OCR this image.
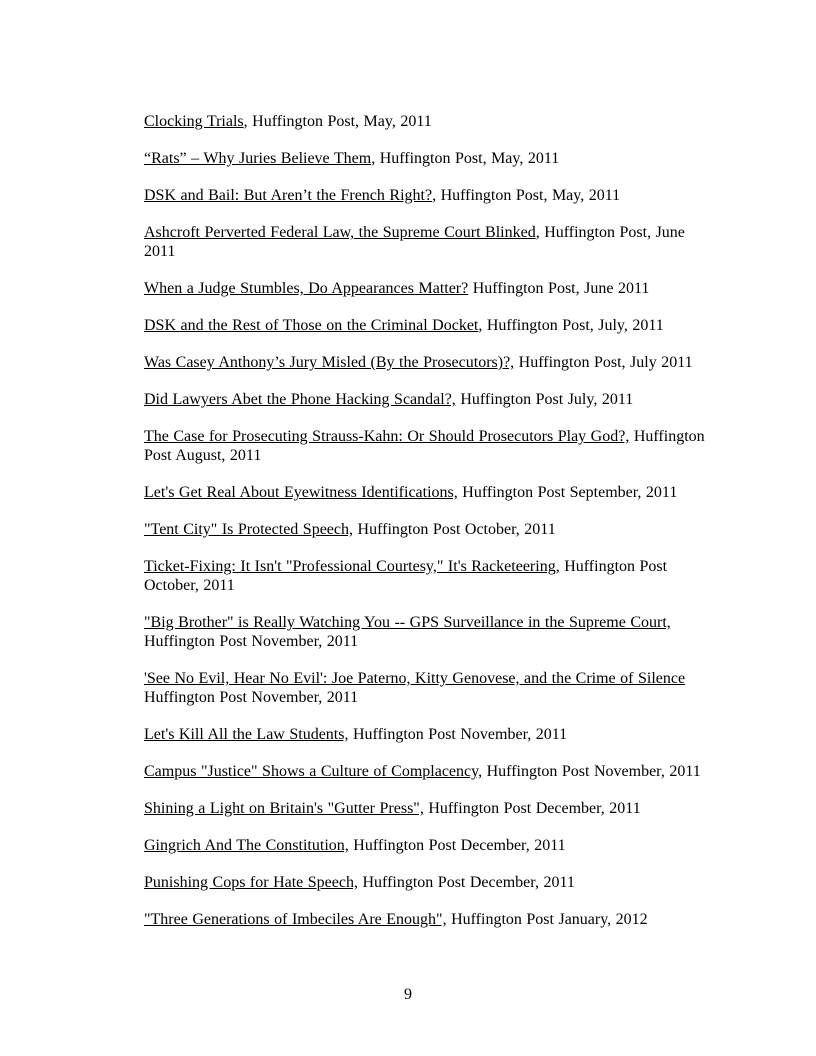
Clocking Trials, Huffington Post, May, 2011

“Rats” – Why Juries Believe Them, Huffington Post, May, 2011

DSK and Bail: But Aren’t the French Right?, Huffington Post, May, 2011

Ashcroft Perverted Federal Law, the Supreme Court Blinked, Huffington Post, June 2011

When a Judge Stumbles, Do Appearances Matter? Huffington Post, June 2011

DSK and the Rest of Those on the Criminal Docket, Huffington Post, July, 2011

Was Casey Anthony’s Jury Misled (By the Prosecutors)?, Huffington Post, July 2011

Did Lawyers Abet the Phone Hacking Scandal?, Huffington Post July, 2011

The Case for Prosecuting Strauss-Kahn: Or Should Prosecutors Play God?, Huffington Post August, 2011

Let's Get Real About Eyewitness Identifications, Huffington Post September, 2011

"Tent City" Is Protected Speech, Huffington Post October, 2011

Ticket-Fixing: It Isn't "Professional Courtesy," It's Racketeering, Huffington Post October, 2011

"Big Brother" is Really Watching You -- GPS Surveillance in the Supreme Court, Huffington Post November, 2011

'See No Evil, Hear No Evil': Joe Paterno, Kitty Genovese, and the Crime of Silence Huffington Post November, 2011

Let's Kill All the Law Students, Huffington Post November, 2011

Campus "Justice" Shows a Culture of Complacency, Huffington Post November, 2011

Shining a Light on Britain's "Gutter Press", Huffington Post December, 2011

Gingrich And The Constitution, Huffington Post December, 2011

Punishing Cops for Hate Speech, Huffington Post December, 2011

"Three Generations of Imbeciles Are Enough", Huffington Post January, 2012

9
